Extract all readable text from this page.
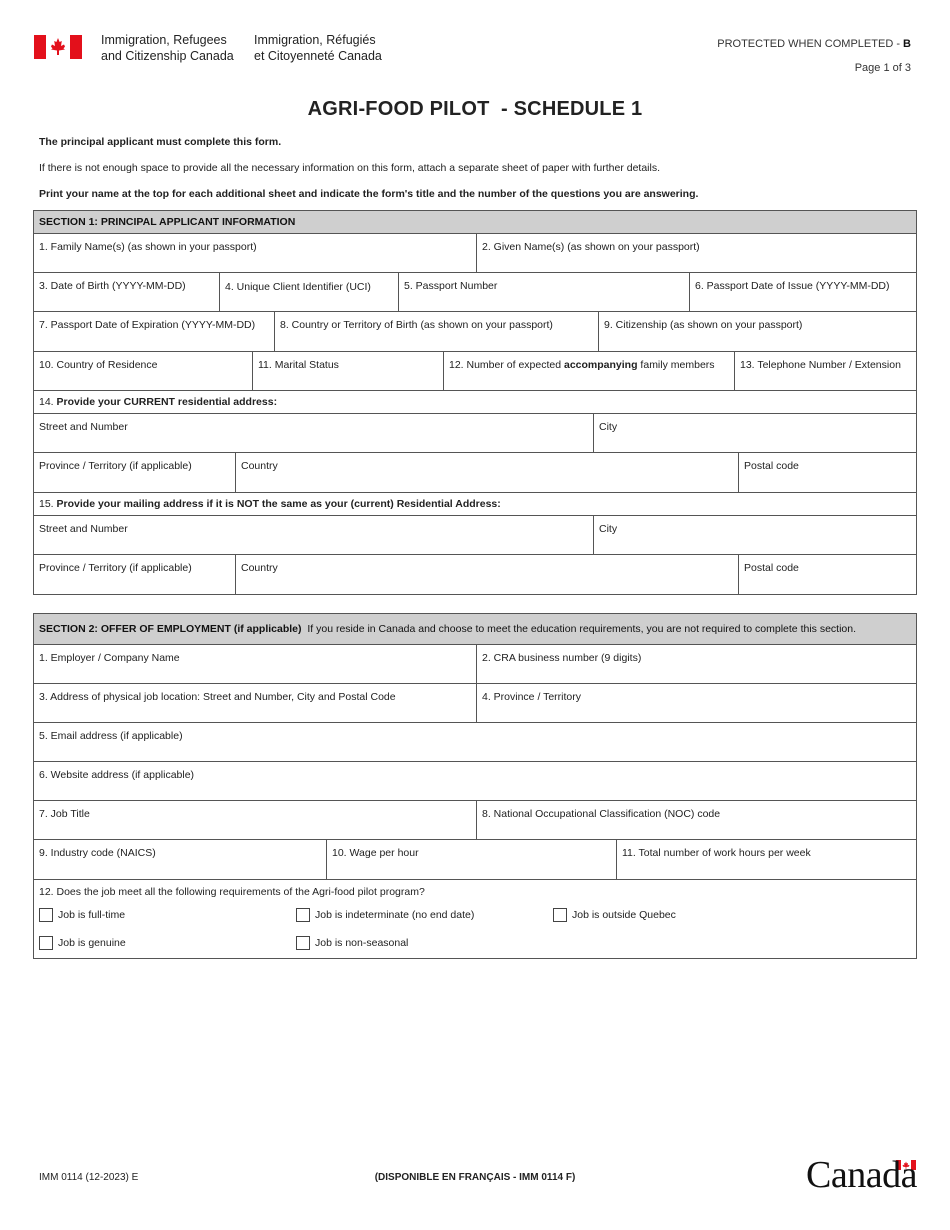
Immigration, Refugees
and Citizenship Canada
Immigration, Réfugiés
et Citoyenneté Canada
PROTECTED WHEN COMPLETED - B
Page 1 of 3
AGRI-FOOD PILOT  - SCHEDULE 1
The principal applicant must complete this form.
If there is not enough space to provide all the necessary information on this form, attach a separate sheet of paper with further details.
Print your name at the top for each additional sheet and indicate the form's title and the number of the questions you are answering.
SECTION 1: PRINCIPAL APPLICANT INFORMATION
1. Family Name(s) (as shown in your passport)	2. Given Name(s) (as shown on your passport)
3. Date of Birth (YYYY-MM-DD)	4. Unique Client Identifier (UCI)	5. Passport Number	6. Passport Date of Issue (YYYY-MM-DD)
7. Passport Date of Expiration (YYYY-MM-DD)	8. Country or Territory of Birth (as shown on your passport)	9. Citizenship (as shown on your passport)
10. Country of Residence	11. Marital Status	12. Number of expected accompanying family members	13. Telephone Number / Extension
14. Provide your CURRENT residential address:
Street and Number	City
Province / Territory (if applicable)	Country	Postal code
15. Provide your mailing address if it is NOT the same as your (current) Residential Address:
Street and Number	City
Province / Territory (if applicable)	Country	Postal code
SECTION 2: OFFER OF EMPLOYMENT (if applicable)  If you reside in Canada and choose to meet the education requirements, you are not required to complete this section.
1. Employer / Company Name	2. CRA business number (9 digits)
3. Address of physical job location: Street and Number, City and Postal Code	4. Province / Territory
5. Email address (if applicable)
6. Website address (if applicable)
7. Job Title	8. National Occupational Classification (NOC) code
9. Industry code (NAICS)	10. Wage per hour	11. Total number of work hours per week
12. Does the job meet all the following requirements of the Agri-food pilot program?
Job is full-time	Job is indeterminate (no end date)	Job is outside Quebec
Job is genuine	Job is non-seasonal
IMM 0114 (12-2023) E	(DISPONIBLE EN FRANÇAIS - IMM 0114 F)	Canada
